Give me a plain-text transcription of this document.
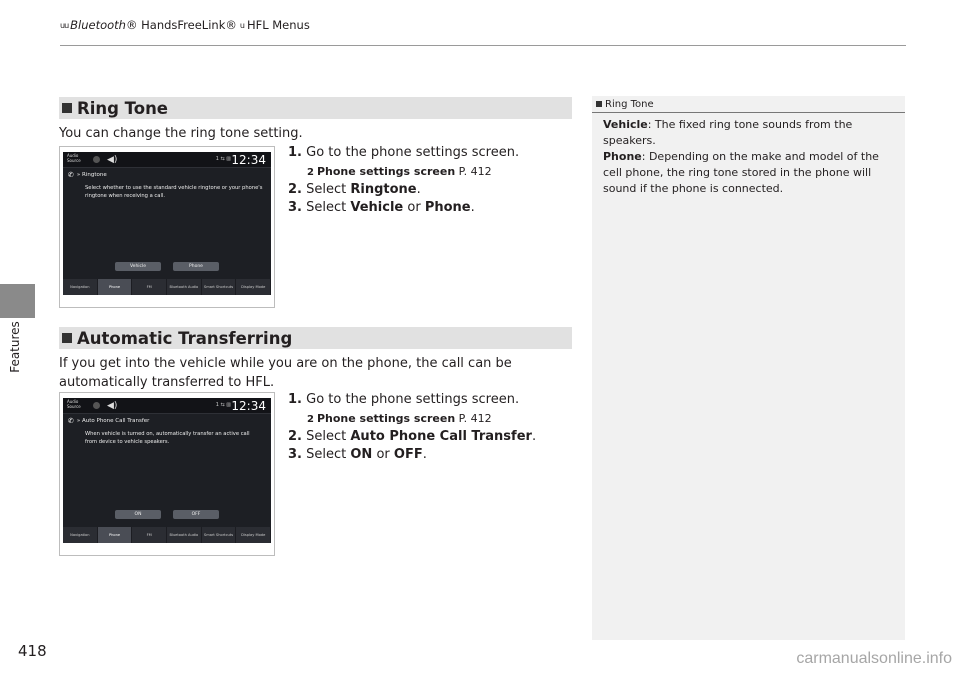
uu Bluetooth ® HandsFreeLink® u HFL Menus
Features
Ring Tone
You can change the ring tone setting.
Audio Source	◀)	1 ⇆ ▥ 12:34
✆ » Ringtone
Select whether to use the standard vehicle ringtone or your phone's ringtone when receiving a call.
Vehicle	Phone
Navigation	Phone	FM	Bluetooth Audio	Smart Shortcuts	Display Mode
1. Go to the phone settings screen.
2 Phone settings screen P. 412
2. Select Ringtone.
3. Select Vehicle or Phone.
Automatic Transferring
If you get into the vehicle while you are on the phone, the call can be automatically transferred to HFL.
Audio Source	◀)	1 ⇆ ▥ 12:34
✆ » Auto Phone Call Transfer
When vehicle is turned on, automatically transfer an active call from device to vehicle speakers.
ON	OFF
Navigation	Phone	FM	Bluetooth Audio	Smart Shortcuts	Display Mode
1. Go to the phone settings screen.
2 Phone settings screen P. 412
2. Select Auto Phone Call Transfer.
3. Select ON or OFF.
Ring Tone
Vehicle: The fixed ring tone sounds from the speakers.
Phone: Depending on the make and model of the cell phone, the ring tone stored in the phone will sound if the phone is connected.
418	carmanualsonline.info
